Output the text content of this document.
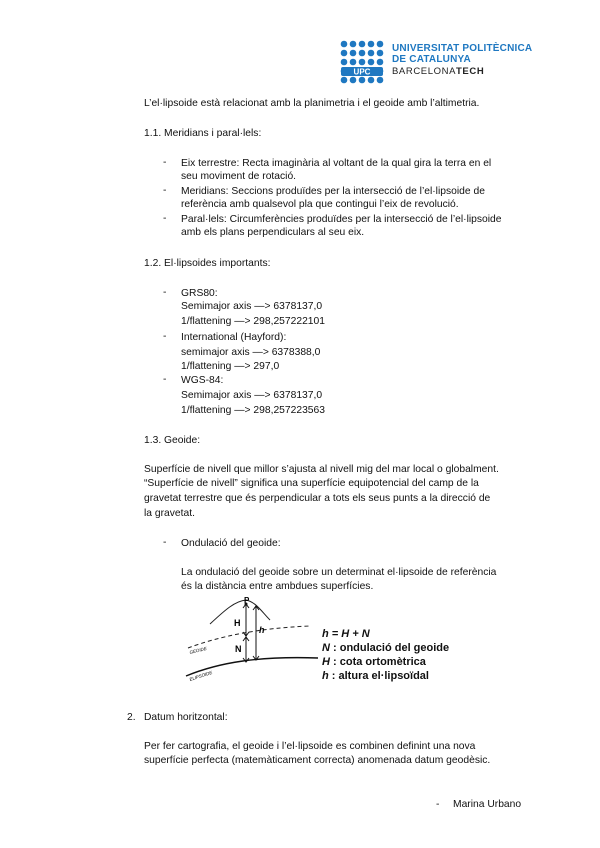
UPC
UNIVERSITAT POLITÈCNICA
DE CATALUNYA
BARCELONATECH
L’el·lipsoide està relacionat amb la planimetria i el geoide amb l’altimetria.
1.1. Meridians i paral·lels:
- Eix terrestre: Recta imaginària al voltant de la qual gira la terra en el
seu moviment de rotació.
- Meridians: Seccions produïdes per la intersecció de l’el·lipsoide de
referència amb qualsevol pla que contingui l’eix de revolució.
- Paral·lels: Circumferències produïdes per la intersecció de l’el·lipsoide
amb els plans perpendiculars al seu eix.
1.2. El·lipsoides importants:
- GRS80:
Semimajor axis —> 6378137,0
1/flattening —> 298,257222101
- International (Hayford):
semimajor axis —> 6378388,0
1/flattening —> 297,0
- WGS-84:
Semimajor axis —> 6378137,0
1/flattening —> 298,257223563
1.3. Geoide:
Superfície de nivell que millor s’ajusta al nivell mig del mar local o globalment.
“Superfície de nivell” significa una superfície equipotencial del camp de la
gravetat terrestre que és perpendicular a tots els seus punts a la direcció de
la gravetat.
- Ondulació del geoide:
La ondulació del geoide sobre un determinat el·lipsoide de referència
és la distància entre ambdues superfícies.
P
H
h
N
GEOIDE
ELIPSOIDE
h = H + N
N : ondulació del geoide
H : cota ortomètrica
h : altura el·lipsoïdal
2. Datum horitzontal:
Per fer cartografia, el geoide i l’el·lipsoide es combinen definint una nova
superfície perfecta (matemàticament correcta) anomenada datum geodèsic.
- Marina Urbano
